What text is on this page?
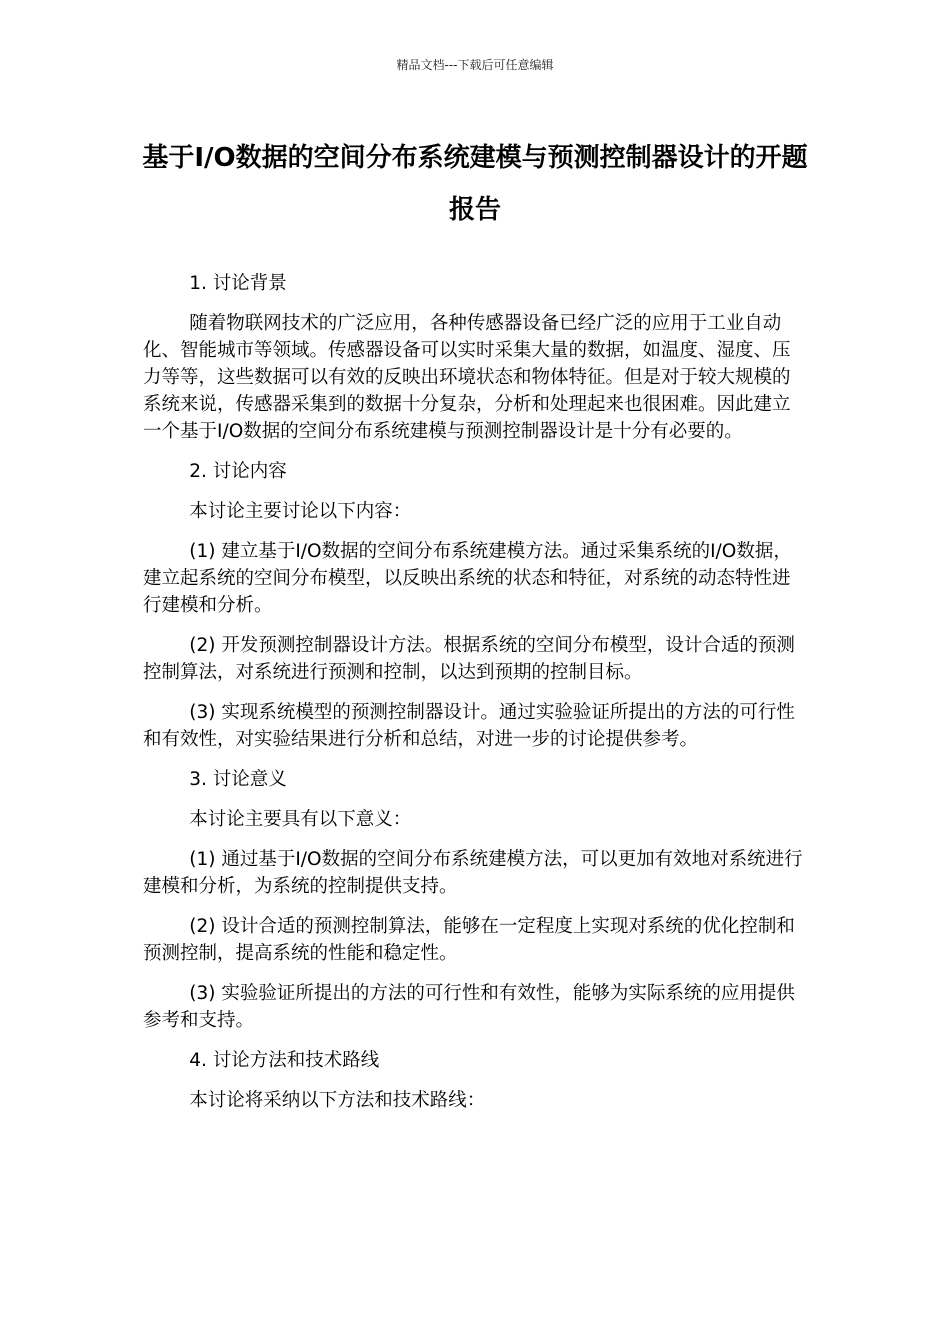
精品文档---下载后可任意编辑
基于I/O数据的空间分布系统建模与预测控制器设计的开题报告

1. 讨论背景

随着物联网技术的广泛应用，各种传感器设备已经广泛的应用于工业自动化、智能城市等领域。传感器设备可以实时采集大量的数据，如温度、湿度、压力等等，这些数据可以有效的反映出环境状态和物体特征。但是对于较大规模的系统来说，传感器采集到的数据十分复杂，分析和处理起来也很困难。因此建立一个基于I/O数据的空间分布系统建模与预测控制器设计是十分有必要的。

2. 讨论内容

本讨论主要讨论以下内容：

(1) 建立基于I/O数据的空间分布系统建模方法。通过采集系统的I/O数据，建立起系统的空间分布模型，以反映出系统的状态和特征，对系统的动态特性进行建模和分析。

(2) 开发预测控制器设计方法。根据系统的空间分布模型，设计合适的预测控制算法，对系统进行预测和控制，以达到预期的控制目标。

(3) 实现系统模型的预测控制器设计。通过实验验证所提出的方法的可行性和有效性，对实验结果进行分析和总结，对进一步的讨论提供参考。

3. 讨论意义

本讨论主要具有以下意义：

(1) 通过基于I/O数据的空间分布系统建模方法，可以更加有效地对系统进行建模和分析，为系统的控制提供支持。

(2) 设计合适的预测控制算法，能够在一定程度上实现对系统的优化控制和预测控制，提高系统的性能和稳定性。

(3) 实验验证所提出的方法的可行性和有效性，能够为实际系统的应用提供参考和支持。

4. 讨论方法和技术路线

本讨论将采纳以下方法和技术路线：
